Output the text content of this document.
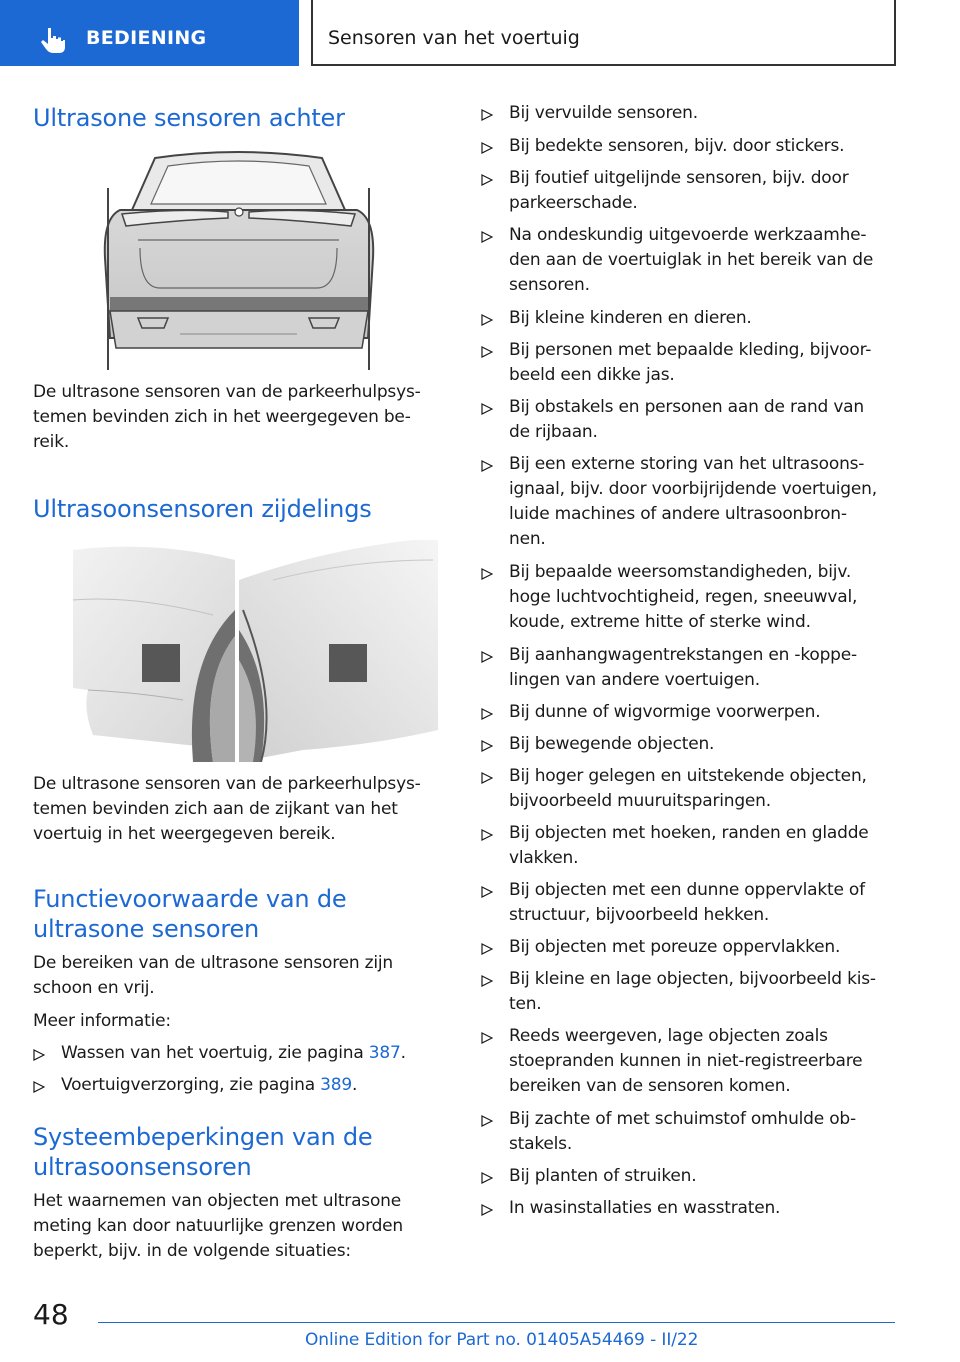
BEDIENING	Sensoren van het voertuig
Ultrasone sensoren achter

De ultrasone sensoren van de parkeerhulpsys-

temen bevinden zich in het weergegeven be-

reik.

Ultrasoonsensoren zijdelings

De ultrasone sensoren van de parkeerhulpsys-

temen bevinden zich aan de zijkant van het

voertuig in het weergegeven bereik.

Functievoorwaarde van de
ultrasone sensoren

De bereiken van de ultrasone sensoren zijn

schoon en vrij.

Meer informatie:

Wassen van het voertuig, zie pagina 387.
Voertuigverzorging, zie pagina 389.
Systeembeperkingen van de
ultrasoonsensoren

Het waarnemen van objecten met ultrasone

meting kan door natuurlijke grenzen worden

beperkt, bijv. in de volgende situaties:

Bij vervuilde sensoren.
Bij bedekte sensoren, bijv. door stickers.
Bij foutief uitgelijnde sensoren, bijv. door
parkeerschade.
Na ondeskundig uitgevoerde werkzaamhe-
den aan de voertuiglak in het bereik van de
sensoren.
Bij kleine kinderen en dieren.
Bij personen met bepaalde kleding, bijvoor-
beeld een dikke jas.
Bij obstakels en personen aan de rand van
de rijbaan.
Bij een externe storing van het ultrasoons-
ignaal, bijv. door voorbijrijdende voertuigen,
luide machines of andere ultrasoonbron-
nen.
Bij bepaalde weersomstandigheden, bijv.
hoge luchtvochtigheid, regen, sneeuwval,
koude, extreme hitte of sterke wind.
Bij aanhangwagentrekstangen en -koppe-
lingen van andere voertuigen.
Bij dunne of wigvormige voorwerpen.
Bij bewegende objecten.
Bij hoger gelegen en uitstekende objecten,
bijvoorbeeld muuruitsparingen.
Bij objecten met hoeken, randen en gladde
vlakken.
Bij objecten met een dunne oppervlakte of
structuur, bijvoorbeeld hekken.
Bij objecten met poreuze oppervlakken.
Bij kleine en lage objecten, bijvoorbeeld kis-
ten.
Reeds weergeven, lage objecten zoals
stoepranden kunnen in niet-registreerbare
bereiken van de sensoren komen.
Bij zachte of met schuimstof omhulde ob-
stakels.
Bij planten of struiken.
In wasinstallaties en wasstraten.
48
Online Edition for Part no. 01405A54469 - II/22
